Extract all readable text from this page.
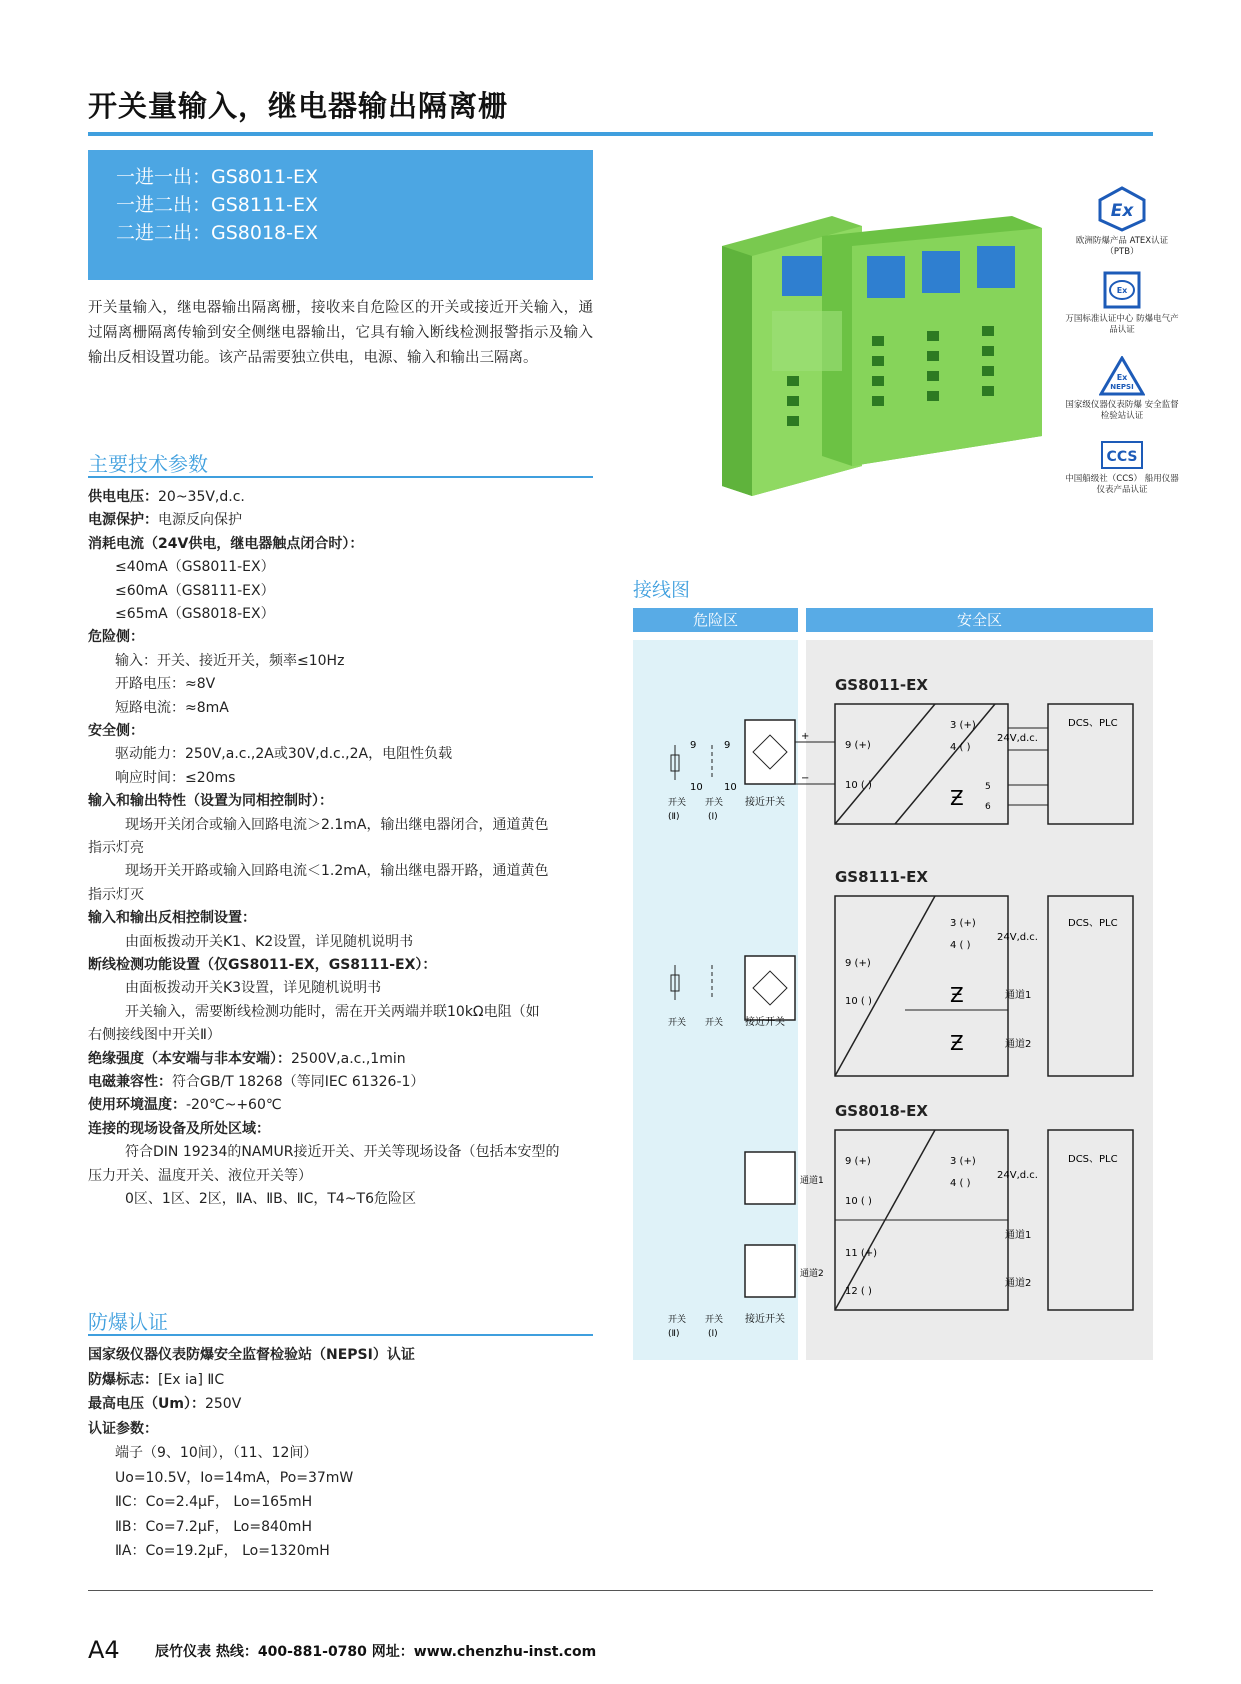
开关量输入，继电器输出隔离栅
一进一出：GS8011-EX
一进二出：GS8111-EX
二进二出：GS8018-EX
开关量输入，继电器输出隔离栅，接收来自危险区的开关或接近开关输入，通过隔离栅隔离传输到安全侧继电器输出，它具有输入断线检测报警指示及输入输出反相设置功能。该产品需要独立供电，电源、输入和输出三隔离。
主要技术参数
供电电压：20~35V,d.c.
电源保护：电源反向保护
消耗电流（24V供电，继电器触点闭合时）：
≤40mA（GS8011-EX）
≤60mA（GS8111-EX）
≤65mA（GS8018-EX）
危险侧：
输入：开关、接近开关，频率≤10Hz
开路电压：≈8V
短路电流：≈8mA
安全侧：
驱动能力：250V,a.c.,2A或30V,d.c.,2A，电阻性负载
响应时间：≤20ms
输入和输出特性（设置为同相控制时）：
现场开关闭合或输入回路电流＞2.1mA，输出继电器闭合，通道黄色
指示灯亮
现场开关开路或输入回路电流＜1.2mA，输出继电器开路，通道黄色
指示灯灭
输入和输出反相控制设置：
由面板拨动开关K1、K2设置，详见随机说明书
断线检测功能设置（仅GS8011-EX，GS8111-EX）：
由面板拨动开关K3设置，详见随机说明书
开关输入，需要断线检测功能时，需在开关两端并联10kΩ电阻（如
右侧接线图中开关Ⅱ）
绝缘强度（本安端与非本安端）：2500V,a.c.,1min
电磁兼容性：符合GB/T 18268（等同IEC 61326-1）
使用环境温度：-20℃~+60℃
连接的现场设备及所处区域：
符合DIN 19234的NAMUR接近开关、开关等现场设备（包括本安型的
压力开关、温度开关、液位开关等）
0区、1区、2区，ⅡA、ⅡB、ⅡC，T4~T6危险区
防爆认证
国家级仪器仪表防爆安全监督检验站（NEPSI）认证
防爆标志：[Ex ia] ⅡC
最高电压（Um）：250V
认证参数：
端子（9、10间），（11、12间）
Uo=10.5V，Io=14mA，Po=37mW
ⅡC：Co=2.4μF， Lo=165mH
ⅡB：Co=7.2μF， Lo=840mH
ⅡA：Co=19.2μF， Lo=1320mH
Ex
欧洲防爆产品 ATEX认证（PTB）
Ex
万国标准认证中心 防爆电气产品认证
Ex
NEPSI
国家级仪器仪表防爆 安全监督检验站认证
CCS
中国船级社（CCS） 船用仪器仪表产品认证
接线图
危险区	安全区
GS8011-EX
DCS、PLC
3 (+)
4 ( )
24V,d.c.
5
6
Ƶ
9 (+)
10 ( )
+
−
接近开关
开关 开关
(Ⅱ)	(Ⅰ)
9
10
9
10
GS8111-EX
DCS、PLC
3 (+)
4 ( )
24V,d.c.
通道1
通道2
Ƶ
Ƶ
9 (+)
10 ( )
接近开关
开关 开关
GS8018-EX
DCS、PLC
3 (+)
4 ( )
24V,d.c.
通道1
通道2
9 (+)
10 ( )
11 (+)
12 ( )
通道1
通道2
接近开关
开关 开关
(Ⅱ)	(Ⅰ)
A4	辰竹仪表 热线：400-881-0780 网址：www.chenzhu-inst.com
